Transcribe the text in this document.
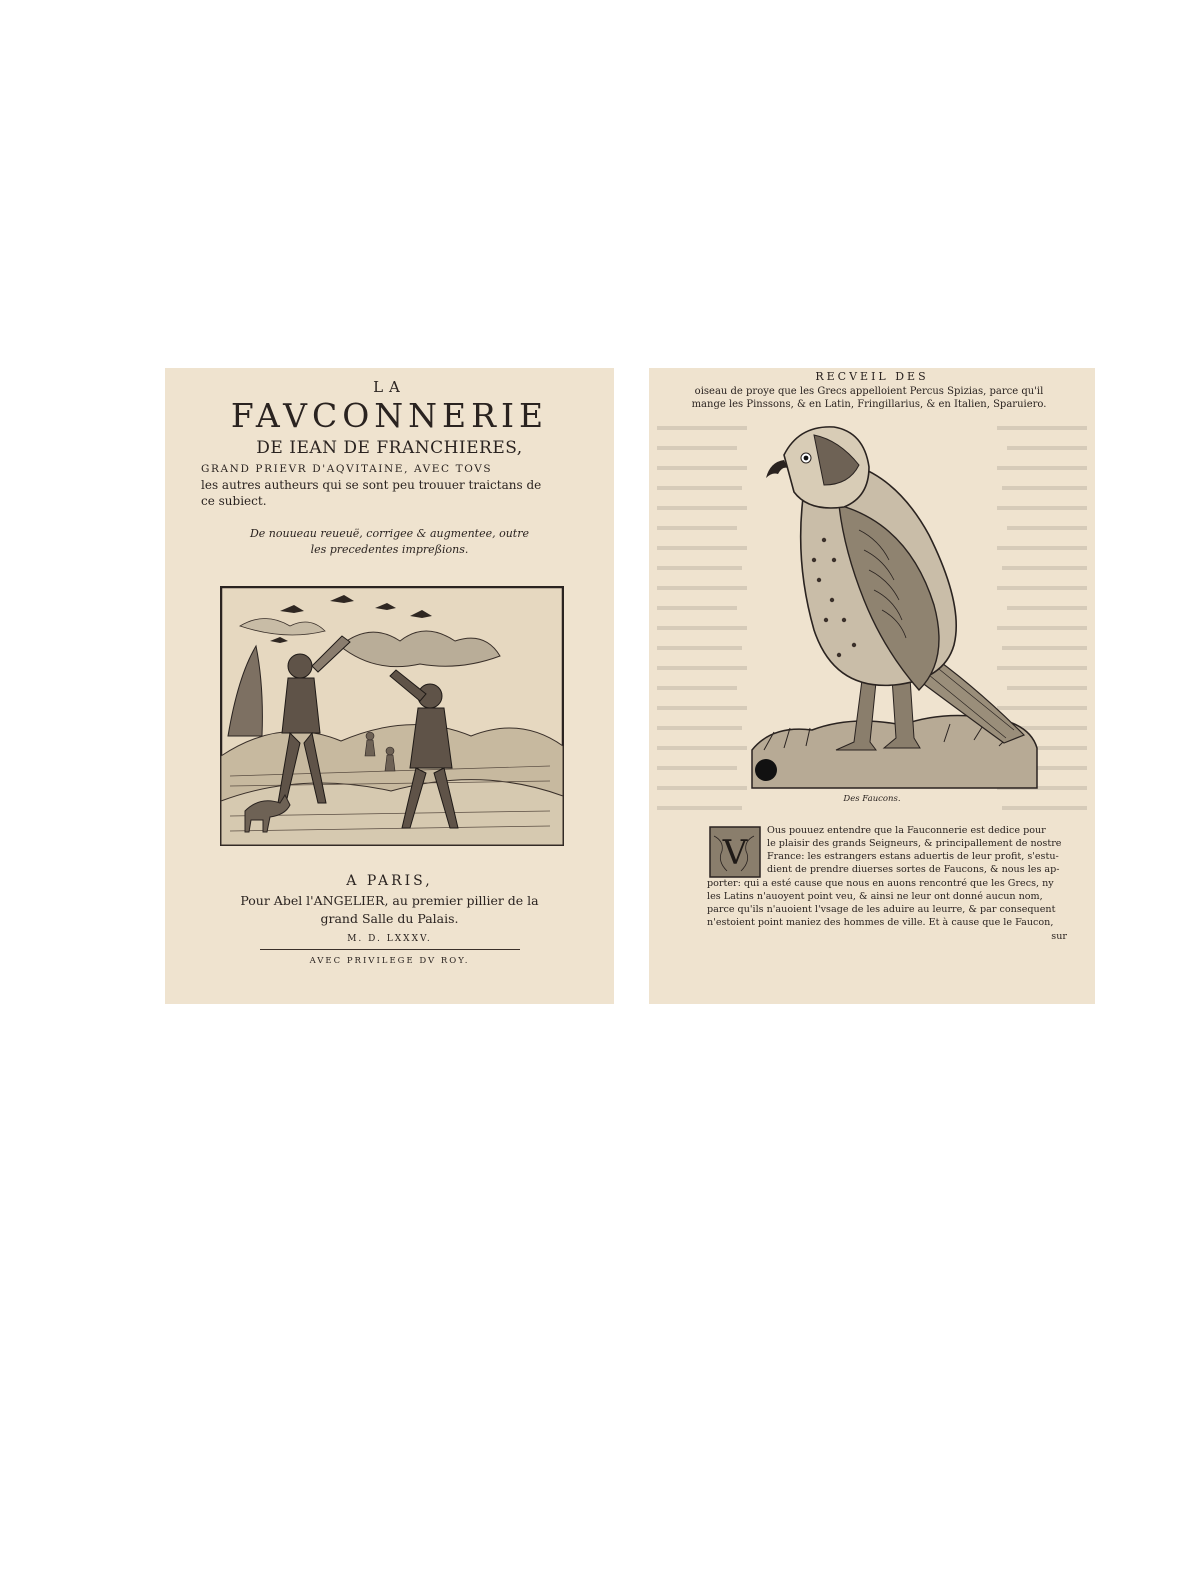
LA
FAVCONNERIE
DE IEAN DE FRANCHIERES,
GRAND PRIEVR D'AQVITAINE, AVEC TOVS
les autres autheurs qui se sont peu trouuer traictans de
ce subiect.
De nouueau reueuë, corrigee & augmentee, outre
les precedentes impreßions.
A PARIS,
Pour Abel l'ANGELIER, au premier pillier de la
grand Salle du Palais.
M. D. LXXXV.
AVEC PRIVILEGE DV ROY.
RECVEIL DES
oiseau de proye que les Grecs appelloient Percus Spizias, parce qu'il
mange les Pinssons, & en Latin, Fringillarius, & en Italien, Sparuiero.
Des Faucons.
V
Ous pouuez entendre que la Fauconnerie est dedice pour
le plaisir des grands Seigneurs, & principallement de nostre
France: les estrangers estans aduertis de leur profit, s'estu-
dient de prendre diuerses sortes de Faucons, & nous les ap-
porter: qui a esté cause que nous en auons rencontré que les Grecs, ny
les Latins n'auoyent point veu, & ainsi ne leur ont donné aucun nom,
parce qu'ils n'auoient l'vsage de les aduire au leurre, & par consequent
n'estoient point maniez des hommes de ville. Et à cause que le Faucon,
sur
